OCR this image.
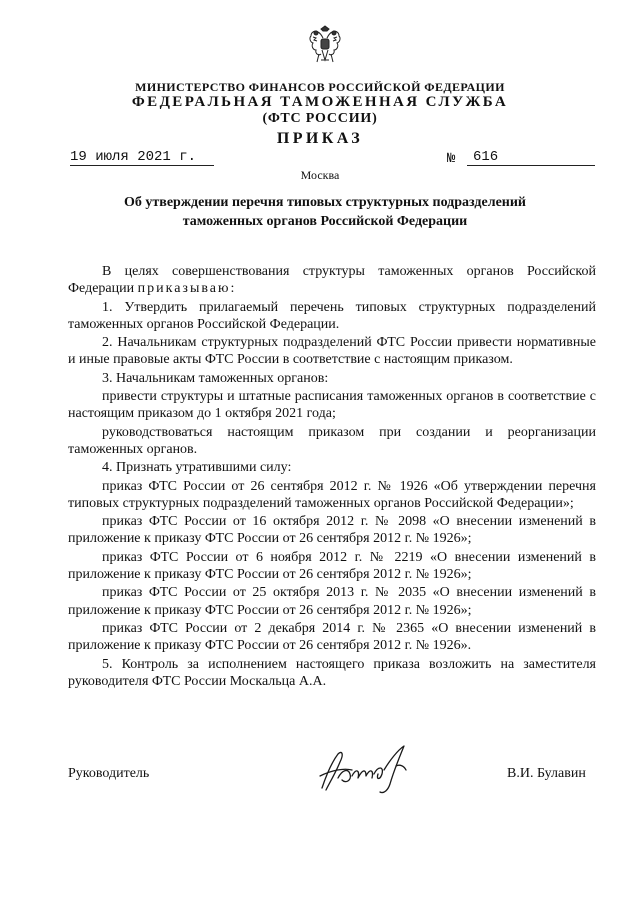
МИНИСТЕРСТВО ФИНАНСОВ РОССИЙСКОЙ ФЕДЕРАЦИИ
ФЕДЕРАЛЬНАЯ ТАМОЖЕННАЯ СЛУЖБА
(ФТС РОССИИ)
ПРИКАЗ
19 июля 2021 г.	№ 616
Москва
Об утверждении перечня типовых структурных подразделений таможенных органов Российской Федерации

В целях совершенствования структуры таможенных органов Российской Федерации приказываю:

1. Утвердить прилагаемый перечень типовых структурных подразделений таможенных органов Российской Федерации.

2. Начальникам структурных подразделений ФТС России привести нормативные и иные правовые акты ФТС России в соответствие с настоящим приказом.

3. Начальникам таможенных органов:

привести структуры и штатные расписания таможенных органов в соответствие с настоящим приказом до 1 октября 2021 года;

руководствоваться настоящим приказом при создании и реорганизации таможенных органов.

4. Признать утратившими силу:

приказ ФТС России от 26 сентября 2012 г. № 1926 «Об утверждении перечня типовых структурных подразделений таможенных органов Российской Федерации»;

приказ ФТС России от 16 октября 2012 г. № 2098 «О внесении изменений в приложение к приказу ФТС России от 26 сентября 2012 г. № 1926»;

приказ ФТС России от 6 ноября 2012 г. № 2219 «О внесении изменений в приложение к приказу ФТС России от 26 сентября 2012 г. № 1926»;

приказ ФТС России от 25 октября 2013 г. № 2035 «О внесении изменений в приложение к приказу ФТС России от 26 сентября 2012 г. № 1926»;

приказ ФТС России от 2 декабря 2014 г. № 2365 «О внесении изменений в приложение к приказу ФТС России от 26 сентября 2012 г. № 1926».

5. Контроль за исполнением настоящего приказа возложить на заместителя руководителя ФТС России Москальца А.А.

Руководитель	В.И. Булавин
